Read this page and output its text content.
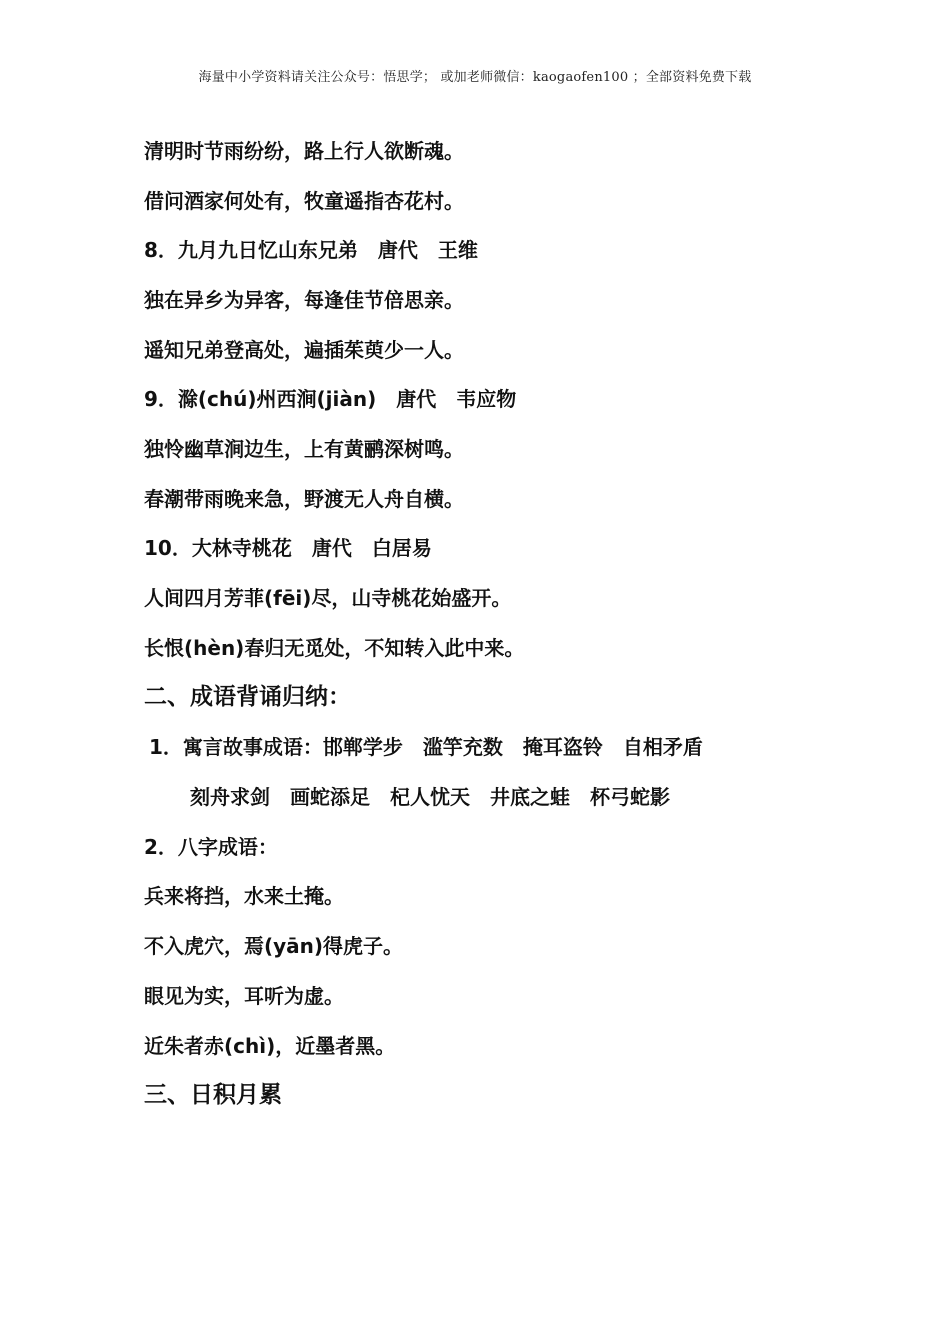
海量中小学资料请关注公众号：悟思学； 或加老师微信：kaogaofen100 ；全部资料免费下载
清明时节雨纷纷，路上行人欲断魂。
借问酒家何处有，牧童遥指杏花村。
8．九月九日忆山东兄弟 唐代 王维
独在异乡为异客，每逢佳节倍思亲。
遥知兄弟登高处，遍插茱萸少一人。
9．滁(chú)州西涧(jiàn) 唐代 韦应物
独怜幽草涧边生，上有黄鹂深树鸣。
春潮带雨晚来急，野渡无人舟自横。
10．大林寺桃花 唐代 白居易
人间四月芳菲(fēi)尽，山寺桃花始盛开。
长恨(hèn)春归无觅处，不知转入此中来。
二、成语背诵归纳：
1．寓言故事成语：邯郸学步 滥竽充数 掩耳盗铃 自相矛盾
刻舟求剑 画蛇添足 杞人忧天 井底之蛙 杯弓蛇影
2．八字成语：
兵来将挡，水来土掩。
不入虎穴，焉(yān)得虎子。
眼见为实，耳听为虚。
近朱者赤(chì)，近墨者黑。
三、日积月累
